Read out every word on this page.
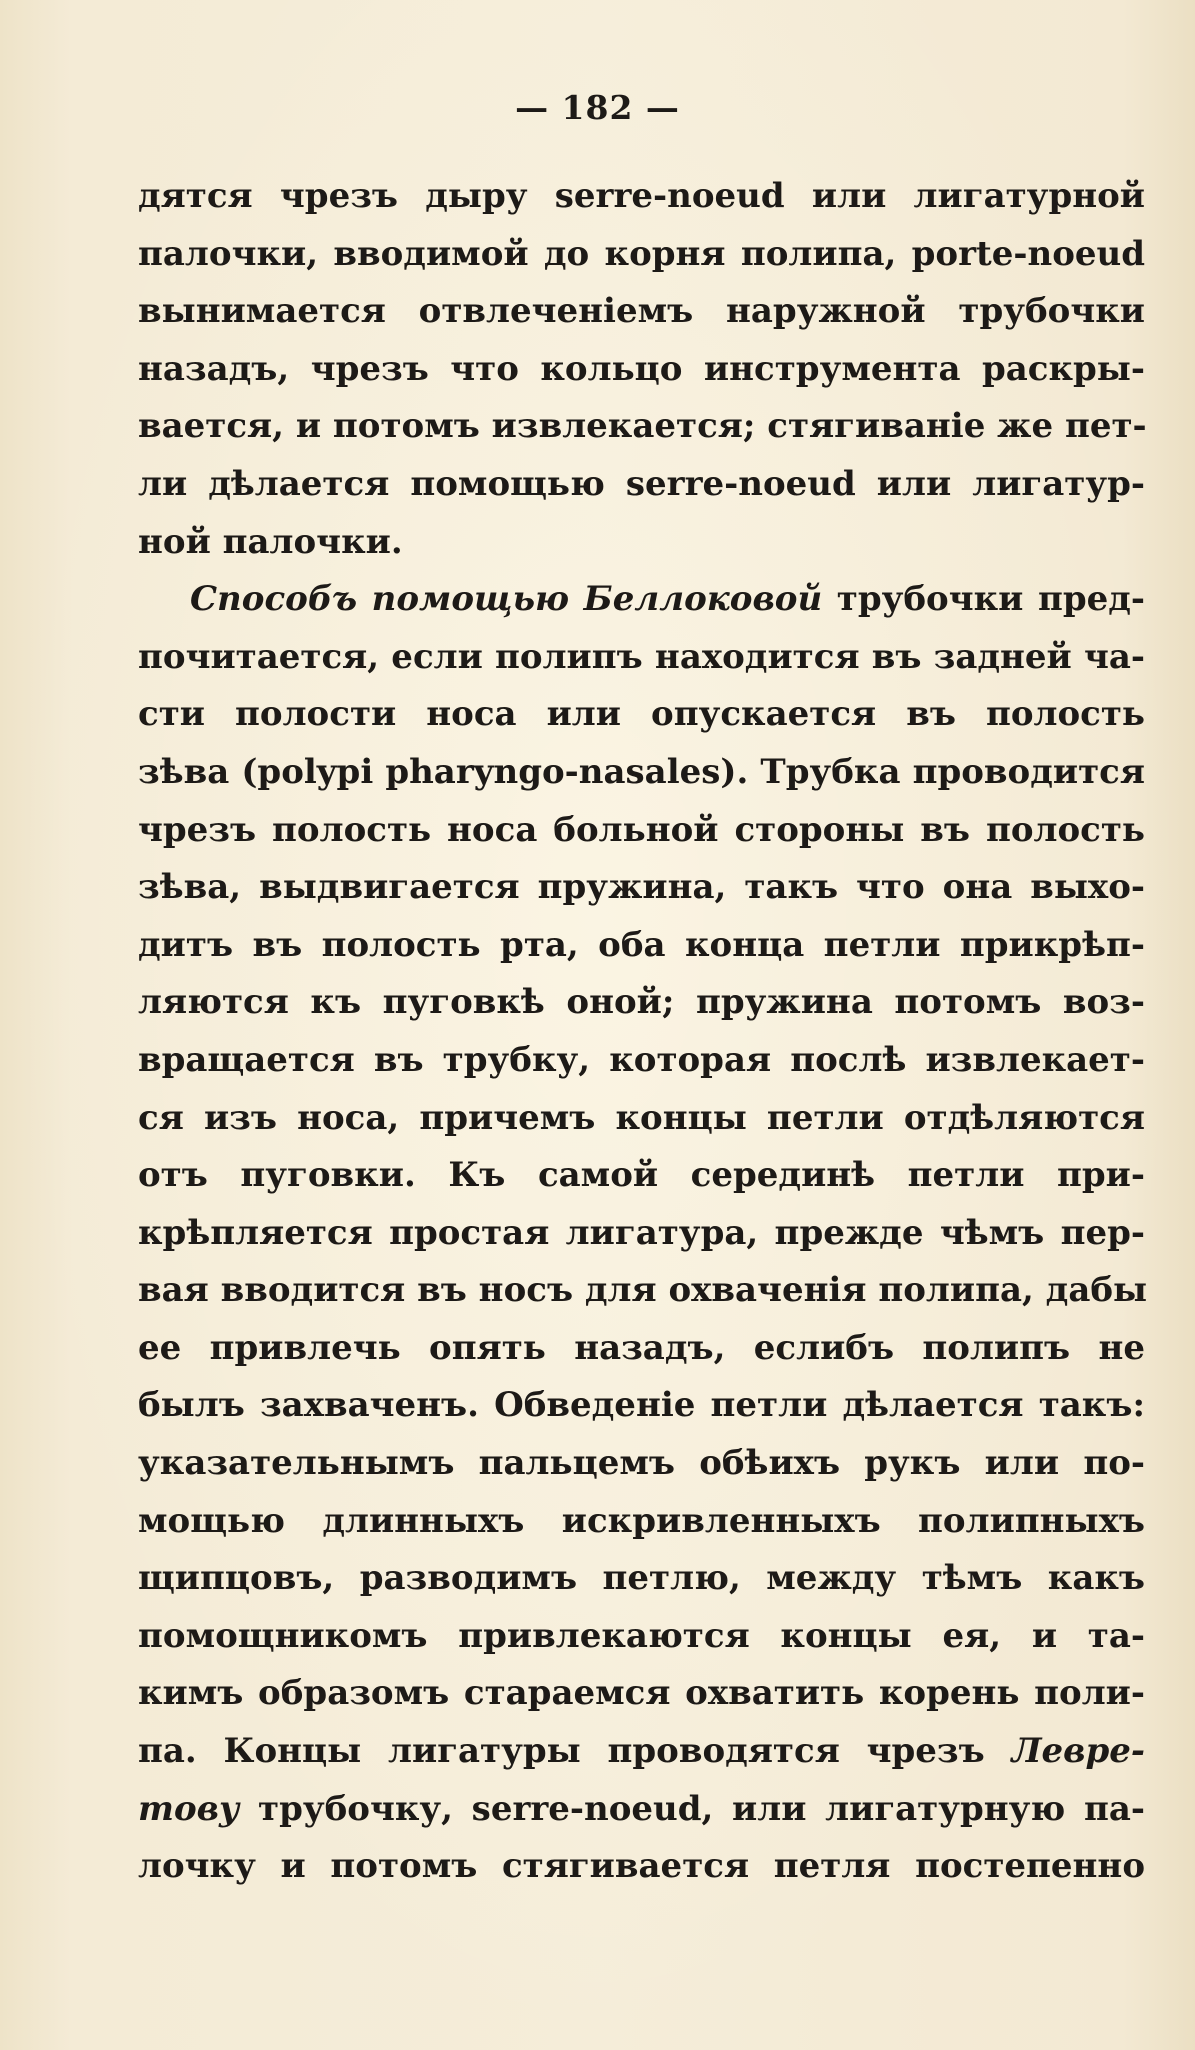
— 182 —
дятся чрезъ дыру serre-noeud или лигатурной
палочки, вводимой до корня полипа, porte-noeud
вынимается отвлеченіемъ наружной трубочки
назадъ, чрезъ что кольцо инструмента раскры-
вается, и потомъ извлекается; стягиваніе же пет-
ли дѣлается помощью serre-noeud или лигатур-
ной палочки.
Способъ помощью Беллоковой трубочки пред-
почитается, если полипъ находится въ задней ча-
сти полости носа или опускается въ полость
зѣва (polypi pharyngo-nasales). Трубка проводится
чрезъ полость носа больной стороны въ полость
зѣва, выдвигается пружина, такъ что она выхо-
дитъ въ полость рта, оба конца петли прикрѣп-
ляются къ пуговкѣ оной; пружина потомъ воз-
вращается въ трубку, которая послѣ извлекает-
ся изъ носа, причемъ концы петли отдѣляются
отъ пуговки. Къ самой серединѣ петли при-
крѣпляется простая лигатура, прежде чѣмъ пер-
вая вводится въ носъ для охваченія полипа, дабы
ее привлечь опять назадъ, еслибъ полипъ не
былъ захваченъ. Обведеніе петли дѣлается такъ:
указательнымъ пальцемъ обѣихъ рукъ или по-
мощью длинныхъ искривленныхъ полипныхъ
щипцовъ, разводимъ петлю, между тѣмъ какъ
помощникомъ привлекаются концы ея, и та-
кимъ образомъ стараемся охватить корень поли-
па. Концы лигатуры проводятся чрезъ Левре-
тову трубочку, serre-noeud, или лигатурную па-
лочку и потомъ стягивается петля постепенно
